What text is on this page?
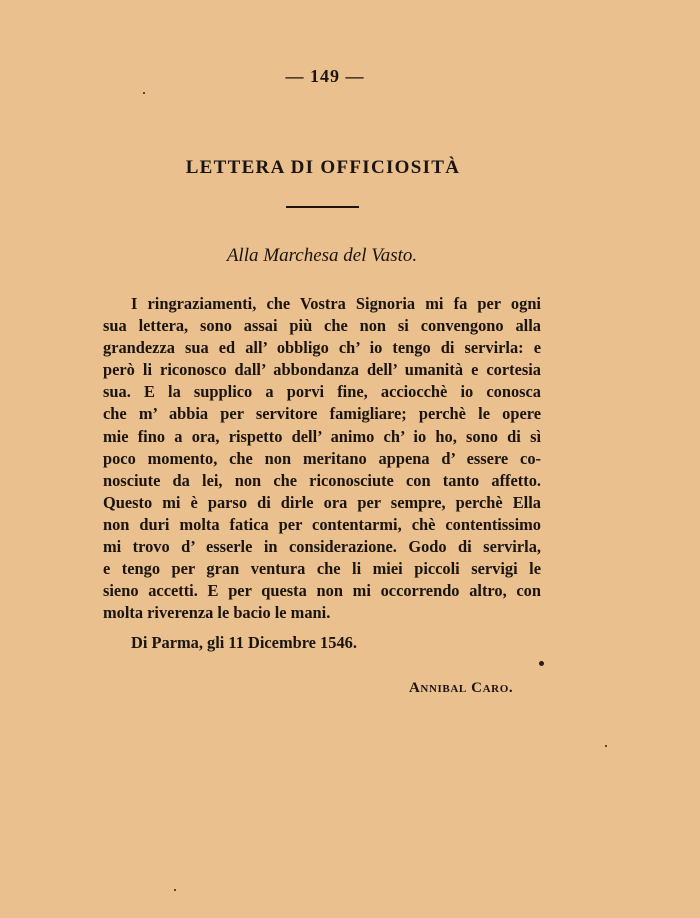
— 149 —
LETTERA DI OFFICIOSITÀ
Alla Marchesa del Vasto.
I ringraziamenti, che Vostra Signoria mi fa per ogni
sua lettera, sono assai più che non si convengono alla
grandezza sua ed all’ obbligo ch’ io tengo di servirla: e
però li riconosco dall’ abbondanza dell’ umanità e cortesia
sua. E la supplico a porvi fine, acciocchè io conosca
che m’ abbia per servitore famigliare; perchè le opere
mie fino a ora, rispetto dell’ animo ch’ io ho, sono di sì
poco momento, che non meritano appena d’ essere co-
nosciute da lei, non che riconosciute con tanto affetto.
Questo mi è parso di dirle ora per sempre, perchè Ella
non duri molta fatica per contentarmi, chè contentissimo
mi trovo d’ esserle in considerazione. Godo di servirla,
e tengo per gran ventura che li miei piccoli servigi le
sieno accetti. E per questa non mi occorrendo altro, con
molta riverenza le bacio le mani.
Di Parma, gli 11 Dicembre 1546.
Annibal Caro.
